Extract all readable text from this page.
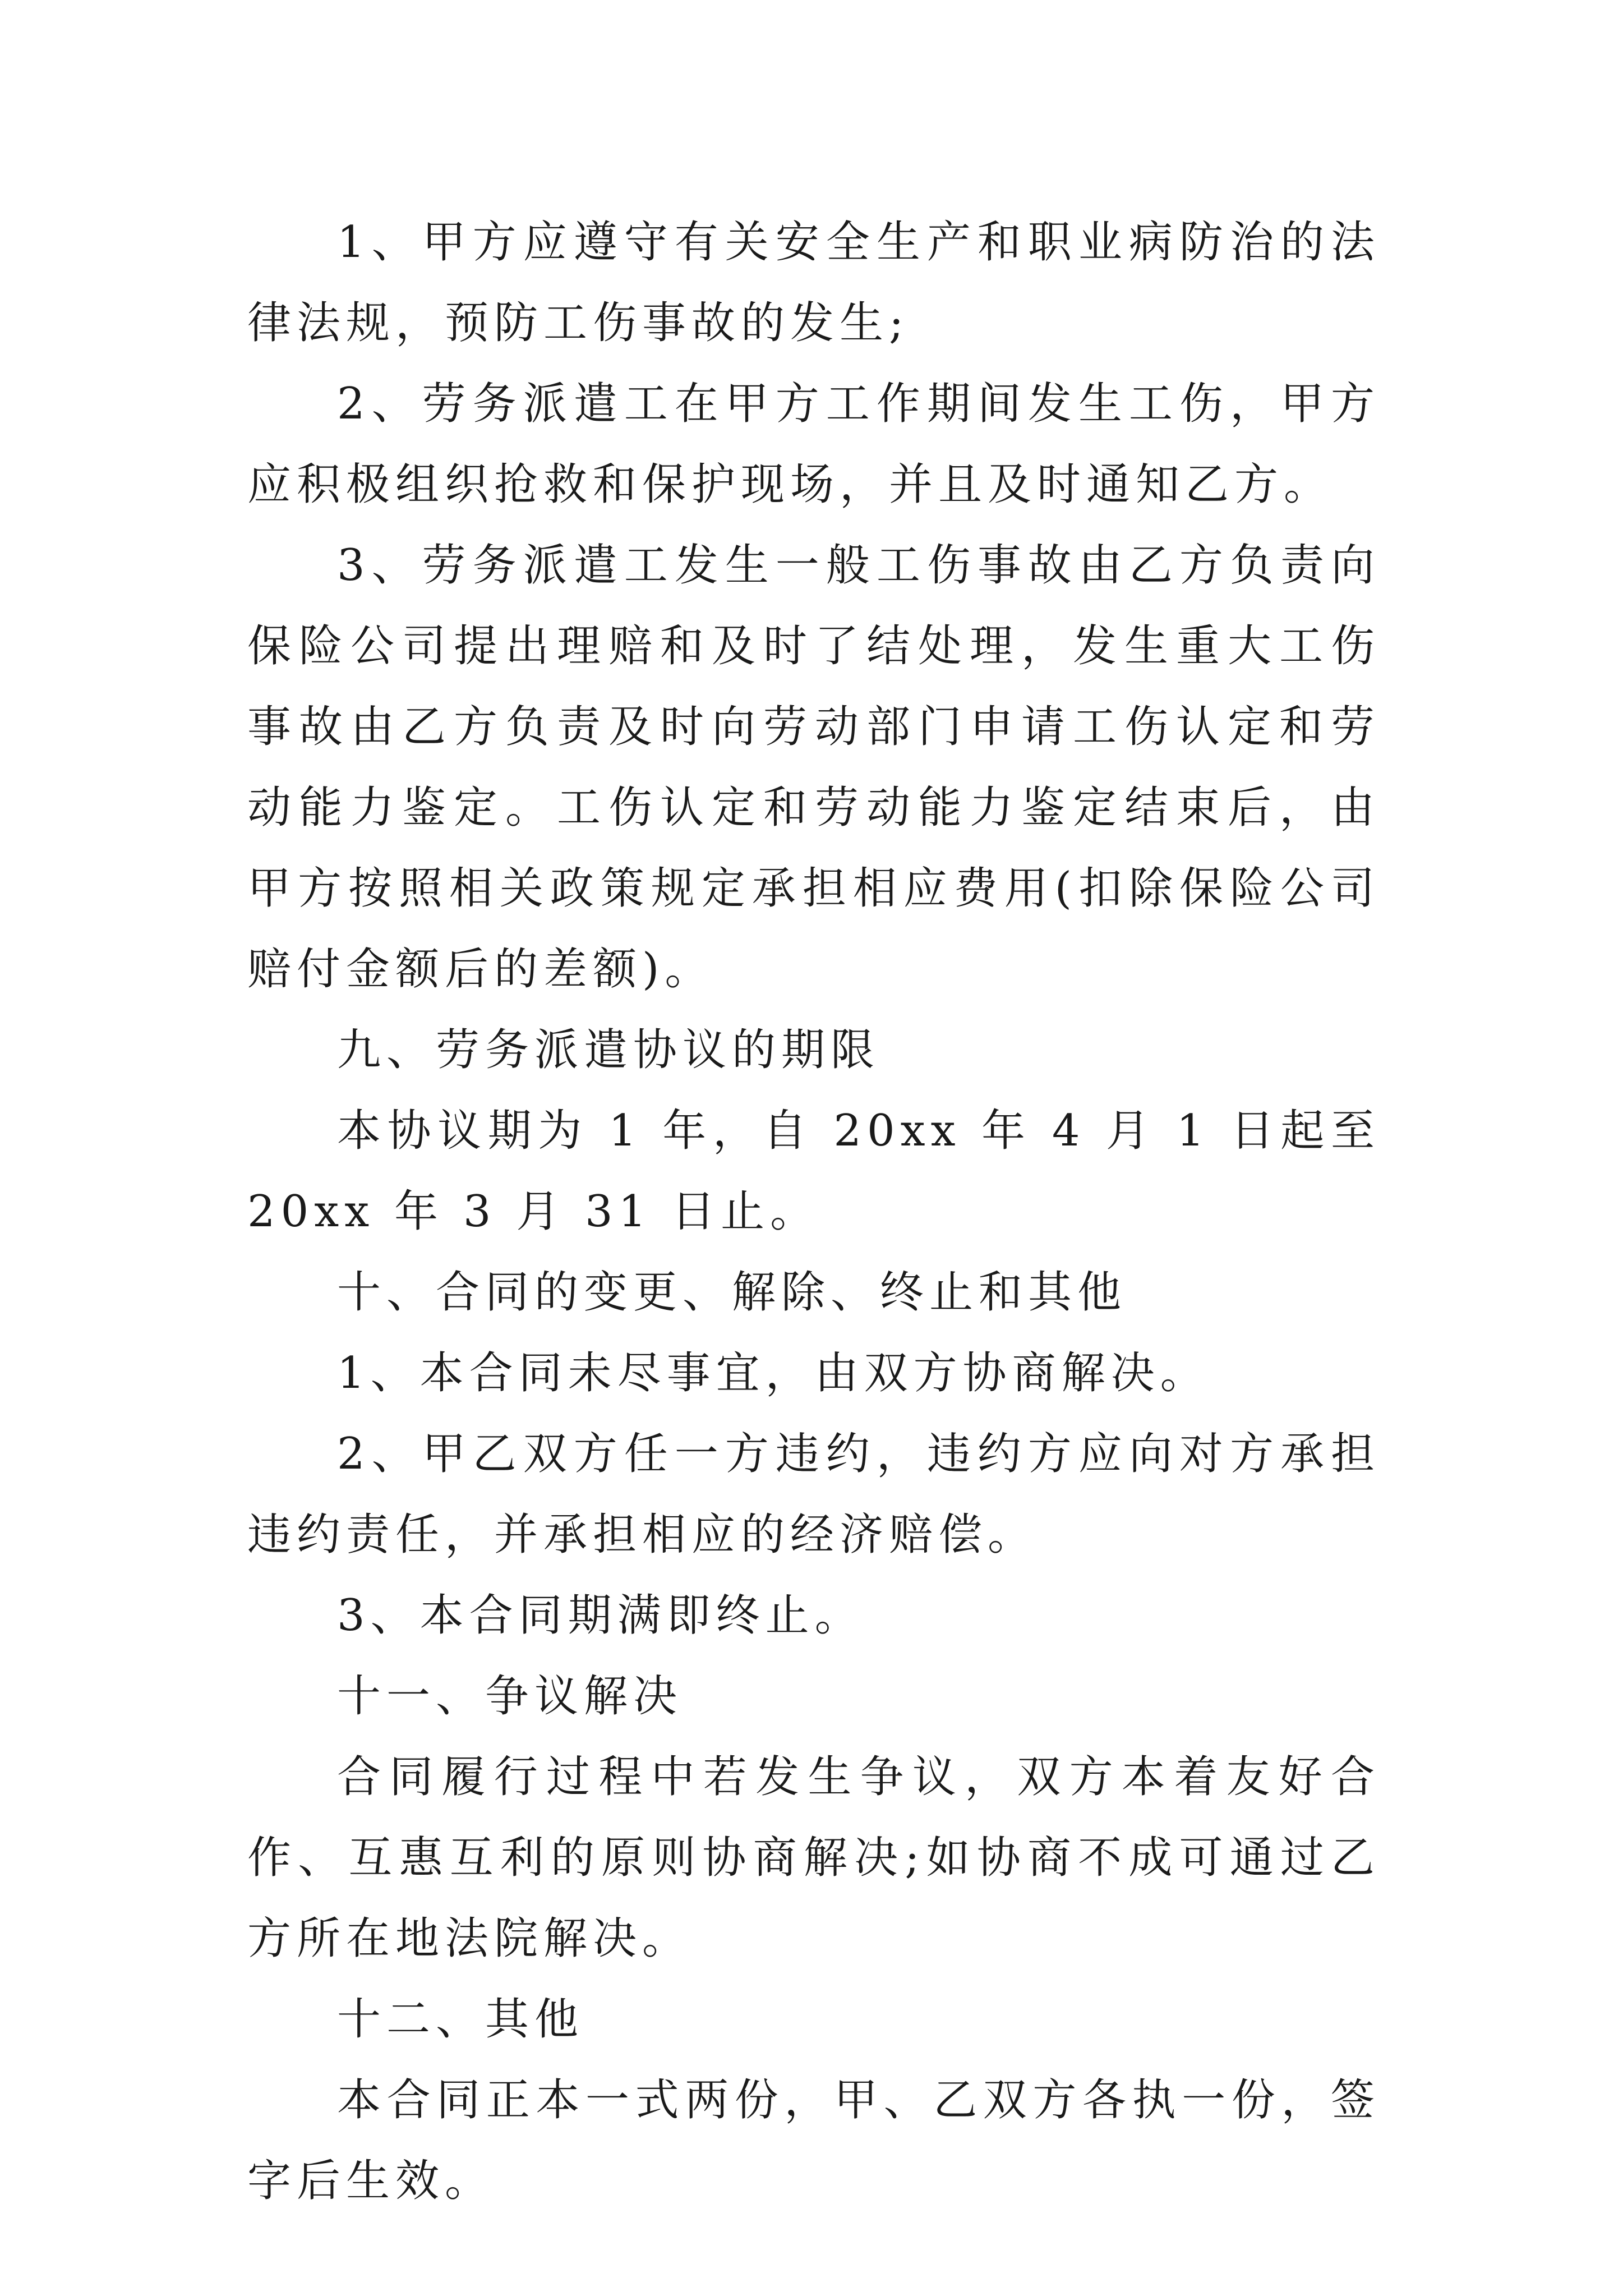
1、甲方应遵守有关安全生产和职业病防治的法律法规，预防工伤事故的发生;

2、劳务派遣工在甲方工作期间发生工伤，甲方应积极组织抢救和保护现场，并且及时通知乙方。

3、劳务派遣工发生一般工伤事故由乙方负责向保险公司提出理赔和及时了结处理，发生重大工伤事故由乙方负责及时向劳动部门申请工伤认定和劳动能力鉴定。工伤认定和劳动能力鉴定结束后，由甲方按照相关政策规定承担相应费用(扣除保险公司赔付金额后的差额)。

九、劳务派遣协议的期限

本协议期为 1 年，自 20xx 年 4 月 1 日起至 20xx 年 3 月 31 日止。

十、合同的变更、解除、终止和其他

1、本合同未尽事宜，由双方协商解决。

2、甲乙双方任一方违约，违约方应向对方承担违约责任，并承担相应的经济赔偿。

3、本合同期满即终止。

十一、争议解决

合同履行过程中若发生争议，双方本着友好合作、互惠互利的原则协商解决;如协商不成可通过乙方所在地法院解决。

十二、其他

本合同正本一式两份，甲、乙双方各执一份，签字后生效。
